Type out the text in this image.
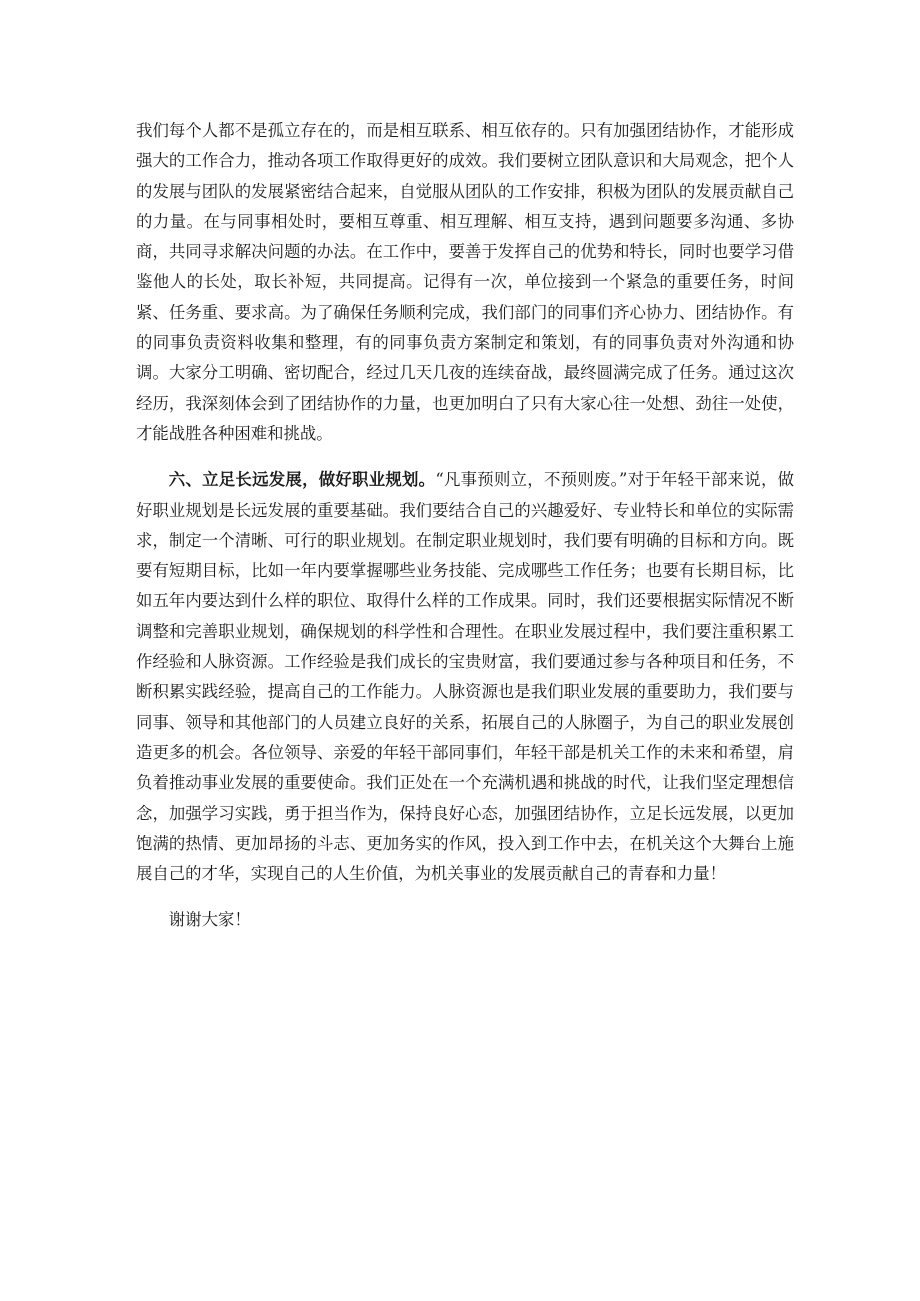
我们每个人都不是孤立存在的，而是相互联系、相互依存的。只有加强团结协作，才能形成强大的工作合力，推动各项工作取得更好的成效。我们要树立团队意识和大局观念，把个人的发展与团队的发展紧密结合起来，自觉服从团队的工作安排，积极为团队的发展贡献自己的力量。在与同事相处时，要相互尊重、相互理解、相互支持，遇到问题要多沟通、多协商，共同寻求解决问题的办法。在工作中，要善于发挥自己的优势和特长，同时也要学习借鉴他人的长处，取长补短，共同提高。记得有一次，单位接到一个紧急的重要任务，时间紧、任务重、要求高。为了确保任务顺利完成，我们部门的同事们齐心协力、团结协作。有的同事负责资料收集和整理，有的同事负责方案制定和策划，有的同事负责对外沟通和协调。大家分工明确、密切配合，经过几天几夜的连续奋战，最终圆满完成了任务。通过这次经历，我深刻体会到了团结协作的力量，也更加明白了只有大家心往一处想、劲往一处使，才能战胜各种困难和挑战。

六、立足长远发展，做好职业规划。“凡事预则立，不预则废。”对于年轻干部来说，做好职业规划是长远发展的重要基础。我们要结合自己的兴趣爱好、专业特长和单位的实际需求，制定一个清晰、可行的职业规划。在制定职业规划时，我们要有明确的目标和方向。既要有短期目标，比如一年内要掌握哪些业务技能、完成哪些工作任务；也要有长期目标，比如五年内要达到什么样的职位、取得什么样的工作成果。同时，我们还要根据实际情况不断调整和完善职业规划，确保规划的科学性和合理性。在职业发展过程中，我们要注重积累工作经验和人脉资源。工作经验是我们成长的宝贵财富，我们要通过参与各种项目和任务，不断积累实践经验，提高自己的工作能力。人脉资源也是我们职业发展的重要助力，我们要与同事、领导和其他部门的人员建立良好的关系，拓展自己的人脉圈子，为自己的职业发展创造更多的机会。各位领导、亲爱的年轻干部同事们，年轻干部是机关工作的未来和希望，肩负着推动事业发展的重要使命。我们正处在一个充满机遇和挑战的时代，让我们坚定理想信念，加强学习实践，勇于担当作为，保持良好心态，加强团结协作，立足长远发展，以更加饱满的热情、更加昂扬的斗志、更加务实的作风，投入到工作中去，在机关这个大舞台上施展自己的才华，实现自己的人生价值，为机关事业的发展贡献自己的青春和力量！

谢谢大家！
